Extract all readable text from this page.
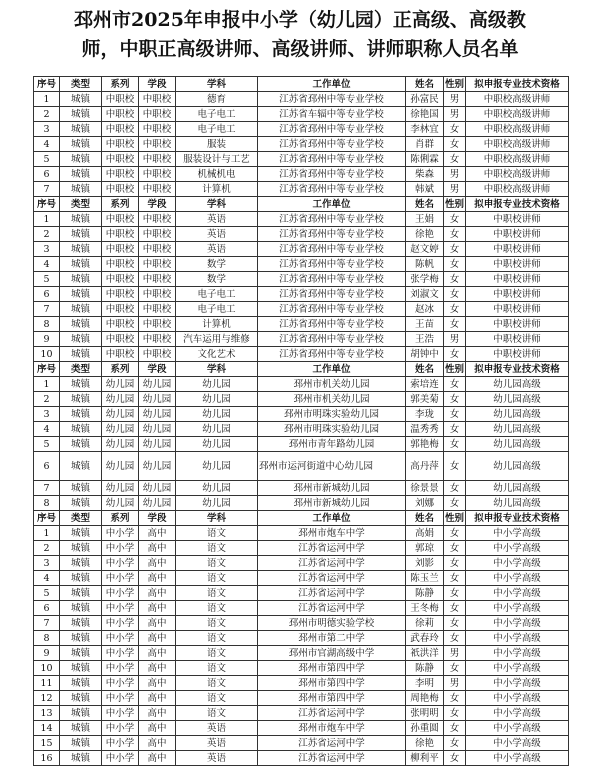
邳州市2025年申报中小学（幼儿园）正高级、高级教
师，中职正高级讲师、高级讲师、讲师职称人员名单
序号	类型	系列	学段	学科	工作单位	姓名	性别	拟申报专业技术资格
1	城镇	中职校	中职校	德育	江苏省邳州中等专业学校	孙富民	男	中职校高级讲师
2	城镇	中职校	中职校	电子电工	江苏省车辐中等专业学校	徐艳国	男	中职校高级讲师
3	城镇	中职校	中职校	电子电工	江苏省邳州中等专业学校	李林宜	女	中职校高级讲师
4	城镇	中职校	中职校	服装	江苏省邳州中等专业学校	肖群	女	中职校高级讲师
5	城镇	中职校	中职校	服装设计与工艺	江苏省邳州中等专业学校	陈俐霖	女	中职校高级讲师
6	城镇	中职校	中职校	机械机电	江苏省邳州中等专业学校	柴森	男	中职校高级讲师
7	城镇	中职校	中职校	计算机	江苏省邳州中等专业学校	韩斌	男	中职校高级讲师
序号	类型	系列	学段	学科	工作单位	姓名	性别	拟申报专业技术资格
1	城镇	中职校	中职校	英语	江苏省邳州中等专业学校	王娟	女	中职校讲师
2	城镇	中职校	中职校	英语	江苏省邳州中等专业学校	徐艳	女	中职校讲师
3	城镇	中职校	中职校	英语	江苏省邳州中等专业学校	赵文婷	女	中职校讲师
4	城镇	中职校	中职校	数学	江苏省邳州中等专业学校	陈帆	女	中职校讲师
5	城镇	中职校	中职校	数学	江苏省邳州中等专业学校	张学梅	女	中职校讲师
6	城镇	中职校	中职校	电子电工	江苏省邳州中等专业学校	刘淑文	女	中职校讲师
7	城镇	中职校	中职校	电子电工	江苏省邳州中等专业学校	赵冰	女	中职校讲师
8	城镇	中职校	中职校	计算机	江苏省邳州中等专业学校	王苗	女	中职校讲师
9	城镇	中职校	中职校	汽车运用与维修	江苏省邳州中等专业学校	王浩	男	中职校讲师
10	城镇	中职校	中职校	文化艺术	江苏省邳州中等专业学校	胡钟中	女	中职校讲师
序号	类型	系列	学段	学科	工作单位	姓名	性别	拟申报专业技术资格
1	城镇	幼儿园	幼儿园	幼儿园	邳州市机关幼儿园	索培连	女	幼儿园高级
2	城镇	幼儿园	幼儿园	幼儿园	邳州市机关幼儿园	郭美菊	女	幼儿园高级
3	城镇	幼儿园	幼儿园	幼儿园	邳州市明珠实验幼儿园	李珑	女	幼儿园高级
4	城镇	幼儿园	幼儿园	幼儿园	邳州市明珠实验幼儿园	温秀秀	女	幼儿园高级
5	城镇	幼儿园	幼儿园	幼儿园	邳州市青年路幼儿园	郭艳梅	女	幼儿园高级
6	城镇	幼儿园	幼儿园	幼儿园	邳州市运河街道中心幼儿园	高丹萍	女	幼儿园高级
7	城镇	幼儿园	幼儿园	幼儿园	邳州市新城幼儿园	徐景景	女	幼儿园高级
8	城镇	幼儿园	幼儿园	幼儿园	邳州市新城幼儿园	刘娜	女	幼儿园高级
序号	类型	系列	学段	学科	工作单位	姓名	性别	拟申报专业技术资格
1	城镇	中小学	高中	语文	邳州市炮车中学	高娟	女	中小学高级
2	城镇	中小学	高中	语文	江苏省运河中学	郭琼	女	中小学高级
3	城镇	中小学	高中	语文	江苏省运河中学	刘影	女	中小学高级
4	城镇	中小学	高中	语文	江苏省运河中学	陈玉兰	女	中小学高级
5	城镇	中小学	高中	语文	江苏省运河中学	陈静	女	中小学高级
6	城镇	中小学	高中	语文	江苏省运河中学	王冬梅	女	中小学高级
7	城镇	中小学	高中	语文	邳州市明德实验学校	徐莉	女	中小学高级
8	城镇	中小学	高中	语文	邳州市第二中学	武春玲	女	中小学高级
9	城镇	中小学	高中	语文	邳州市官湖高级中学	祇洪洋	男	中小学高级
10	城镇	中小学	高中	语文	邳州市第四中学	陈静	女	中小学高级
11	城镇	中小学	高中	语文	邳州市第四中学	李明	男	中小学高级
12	城镇	中小学	高中	语文	邳州市第四中学	周艳梅	女	中小学高级
13	城镇	中小学	高中	语文	江苏省运河中学	张明明	女	中小学高级
14	城镇	中小学	高中	英语	邳州市炮车中学	孙重圆	女	中小学高级
15	城镇	中小学	高中	英语	江苏省运河中学	徐艳	女	中小学高级
16	城镇	中小学	高中	英语	江苏省运河中学	柳利平	女	中小学高级
